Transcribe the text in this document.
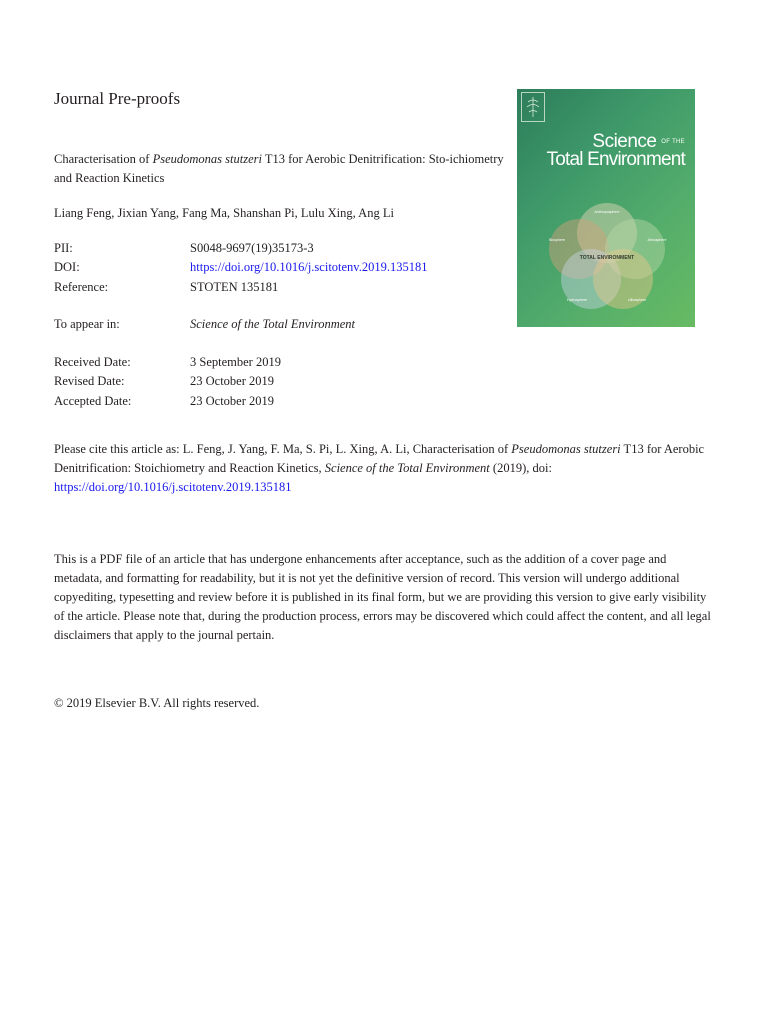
Journal Pre-proofs
Characterisation of Pseudomonas stutzeri T13 for Aerobic Denitrification: Sto-ichiometry and Reaction Kinetics
Liang Feng, Jixian Yang, Fang Ma, Shanshan Pi, Lulu Xing, Ang Li
PII:	S0048-9697(19)35173-3
DOI:	https://doi.org/10.1016/j.scitotenv.2019.135181
Reference:	STOTEN 135181
To appear in:	Science of the Total Environment
Received Date:	3 September 2019
Revised Date:	23 October 2019
Accepted Date:	23 October 2019
Please cite this article as: L. Feng, J. Yang, F. Ma, S. Pi, L. Xing, A. Li, Characterisation of Pseudomonas stutzeri T13 for Aerobic Denitrification: Stoichiometry and Reaction Kinetics, Science of the Total Environment (2019), doi: https://doi.org/10.1016/j.scitotenv.2019.135181
This is a PDF file of an article that has undergone enhancements after acceptance, such as the addition of a cover page and metadata, and formatting for readability, but it is not yet the definitive version of record. This version will undergo additional copyediting, typesetting and review before it is published in its final form, but we are providing this version to give early visibility of the article. Please note that, during the production process, errors may be discovered which could affect the content, and all legal disclaimers that apply to the journal pertain.
© 2019 Elsevier B.V. All rights reserved.
Science OF THE
Total Environment
TOTAL ENVIRONMENT
Anthroposphere
Biosphere	Atmosphere
Hydrosphere	Lithosphere
